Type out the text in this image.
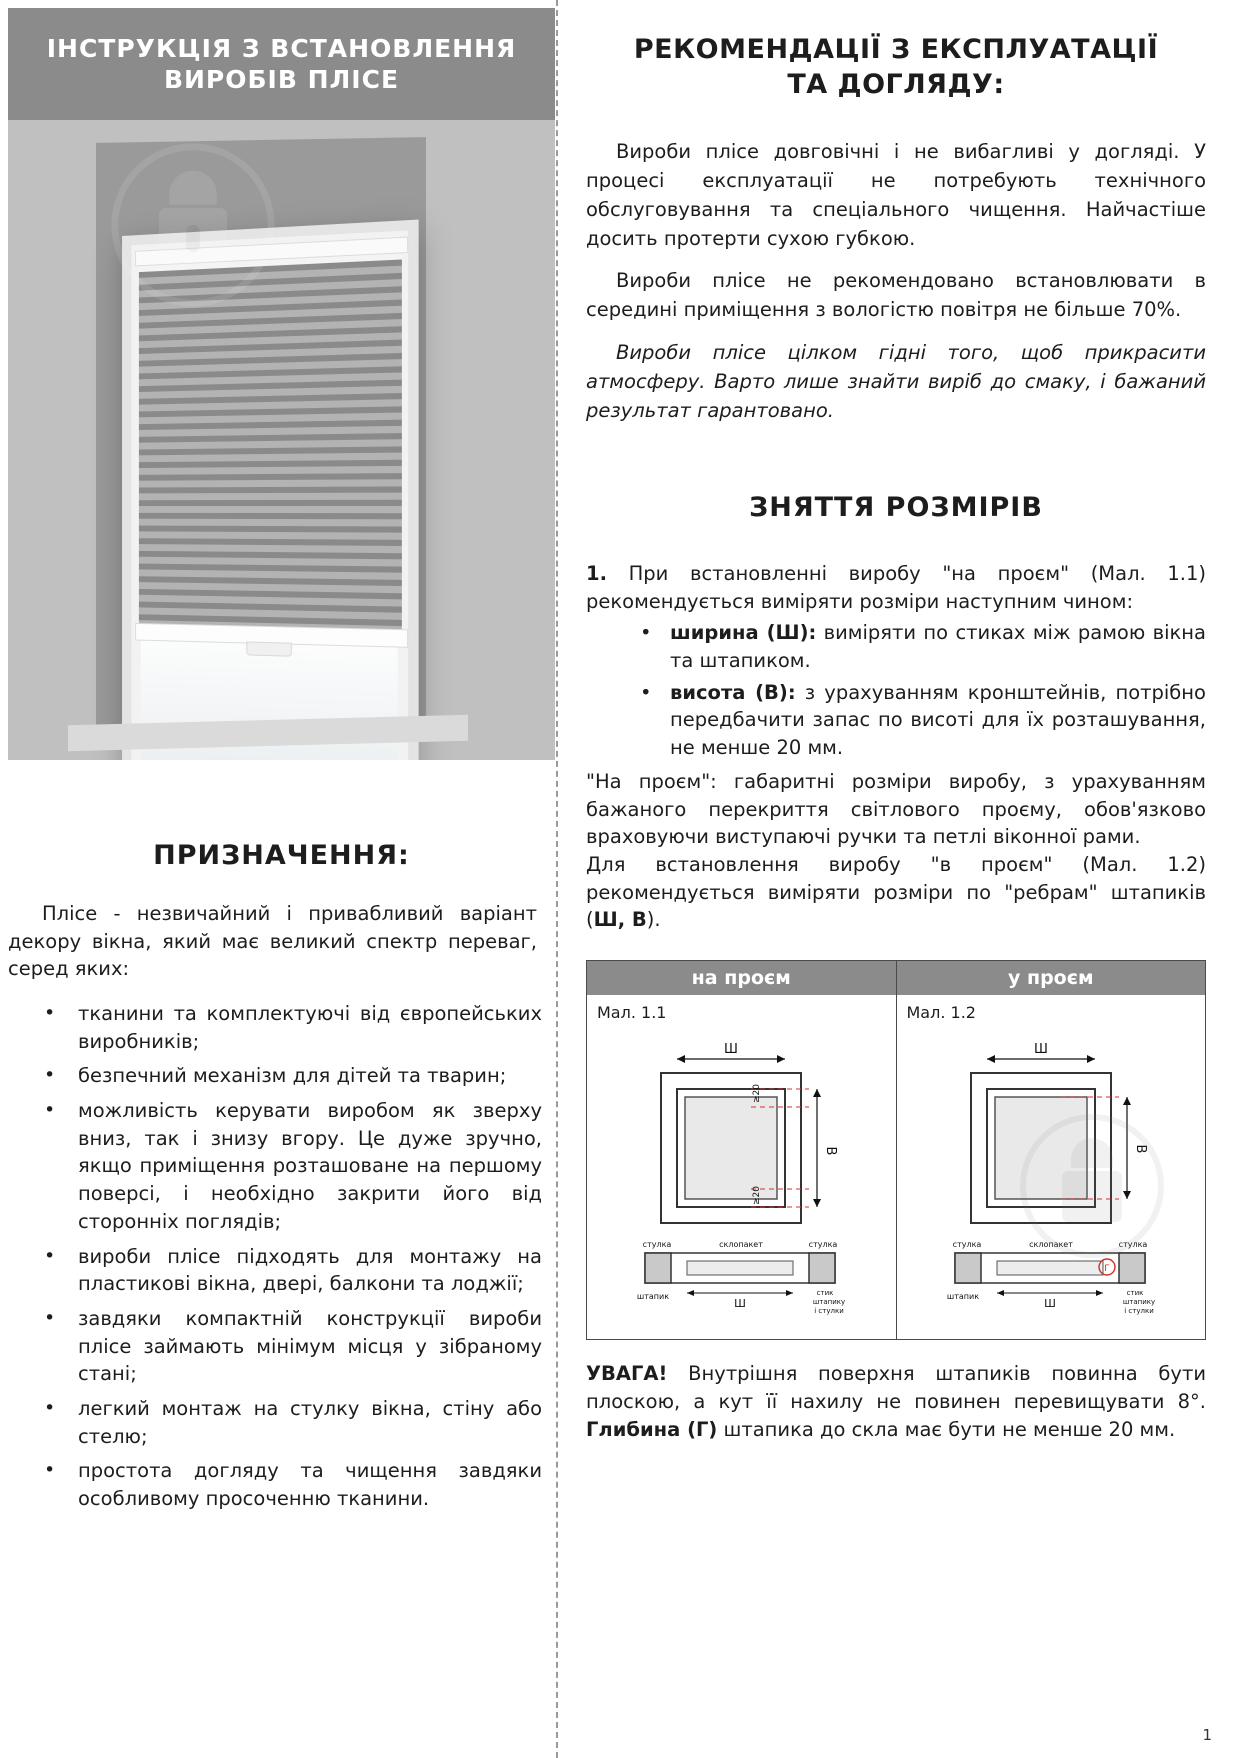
ІНСТРУКЦІЯ З ВСТАНОВЛЕННЯ
ВИРОБІВ ПЛІСЕ
ПРИЗНАЧЕННЯ:
Пліcе - незвичайний і привабливий варіант декору вікна, який має великий спектр переваг, серед яких:
• тканини та комплектуючі від європейських виробників;
• безпечний механізм для дітей та тварин;
• можливість керувати виробом як зверху вниз, так і знизу вгору. Це дуже зручно, якщо приміщення розташоване на першому поверсі, і необхідно закрити його від сторонніх поглядів;
• вироби пліcе підходять для монтажу на пластикові вікна, двері, балкони та лоджії;
• завдяки компактній конструкції вироби пліcе займають мінімум місця у зібраному стані;
• легкий монтаж на стулку вікна, стіну або стелю;
• простота догляду та чищення завдяки особливому просоченню тканини.
РЕКОМЕНДАЦІЇ З ЕКСПЛУАТАЦІЇ
ТА ДОГЛЯДУ:

Вироби пліcе довговічні і не вибагливі у догляді. У процесі експлуатації не потребують технічного обслуговування та спеціального чищення. Найчастіше досить протерти сухою губкою.

Вироби пліcе не рекомендовано встановлювати в середині приміщення з вологістю повітря не більше 70%.

Вироби пліcе цілком гідні того, щоб прикрасити атмосферу. Варто лише знайти виріб до смаку, і бажаний результат гарантовано.

ЗНЯТТЯ РОЗМІРІВ

1. При встановленні виробу "на проєм" (Мал. 1.1) рекомендується виміряти розміри наступним чином:

• ширина (Ш): виміряти по стиках між рамою вікна та штапиком.
• висота (В): з урахуванням кронштейнів, потрібно передбачити запас по висоті для їх розташування, не менше 20 мм.

"На проєм": габаритні розміри виробу, з урахуванням бажаного перекриття світлового проєму, обов'язково враховуючи виступаючі ручки та петлі віконної рами.

Для встановлення виробу "в проєм" (Мал. 1.2) рекомендується виміряти розміри по "ребрам" штапиків (Ш, В).

на проєм
Мал. 1.1
Ш
В
≥20
≥20
стулка	склопакет	стулка
штапик
Ш
стик
штапику
і стулки
у проєм
Мал. 1.2
Ш
В
стулка	склопакет	стулка
штапик
Г
Ш
стик
штапику
і стулки
УВАГА! Внутрішня поверхня штапиків повинна бути плоскою, а кут її нахилу не повинен перевищувати 8°. Глибина (Г) штапика до скла має бути не менше 20 мм.
1
